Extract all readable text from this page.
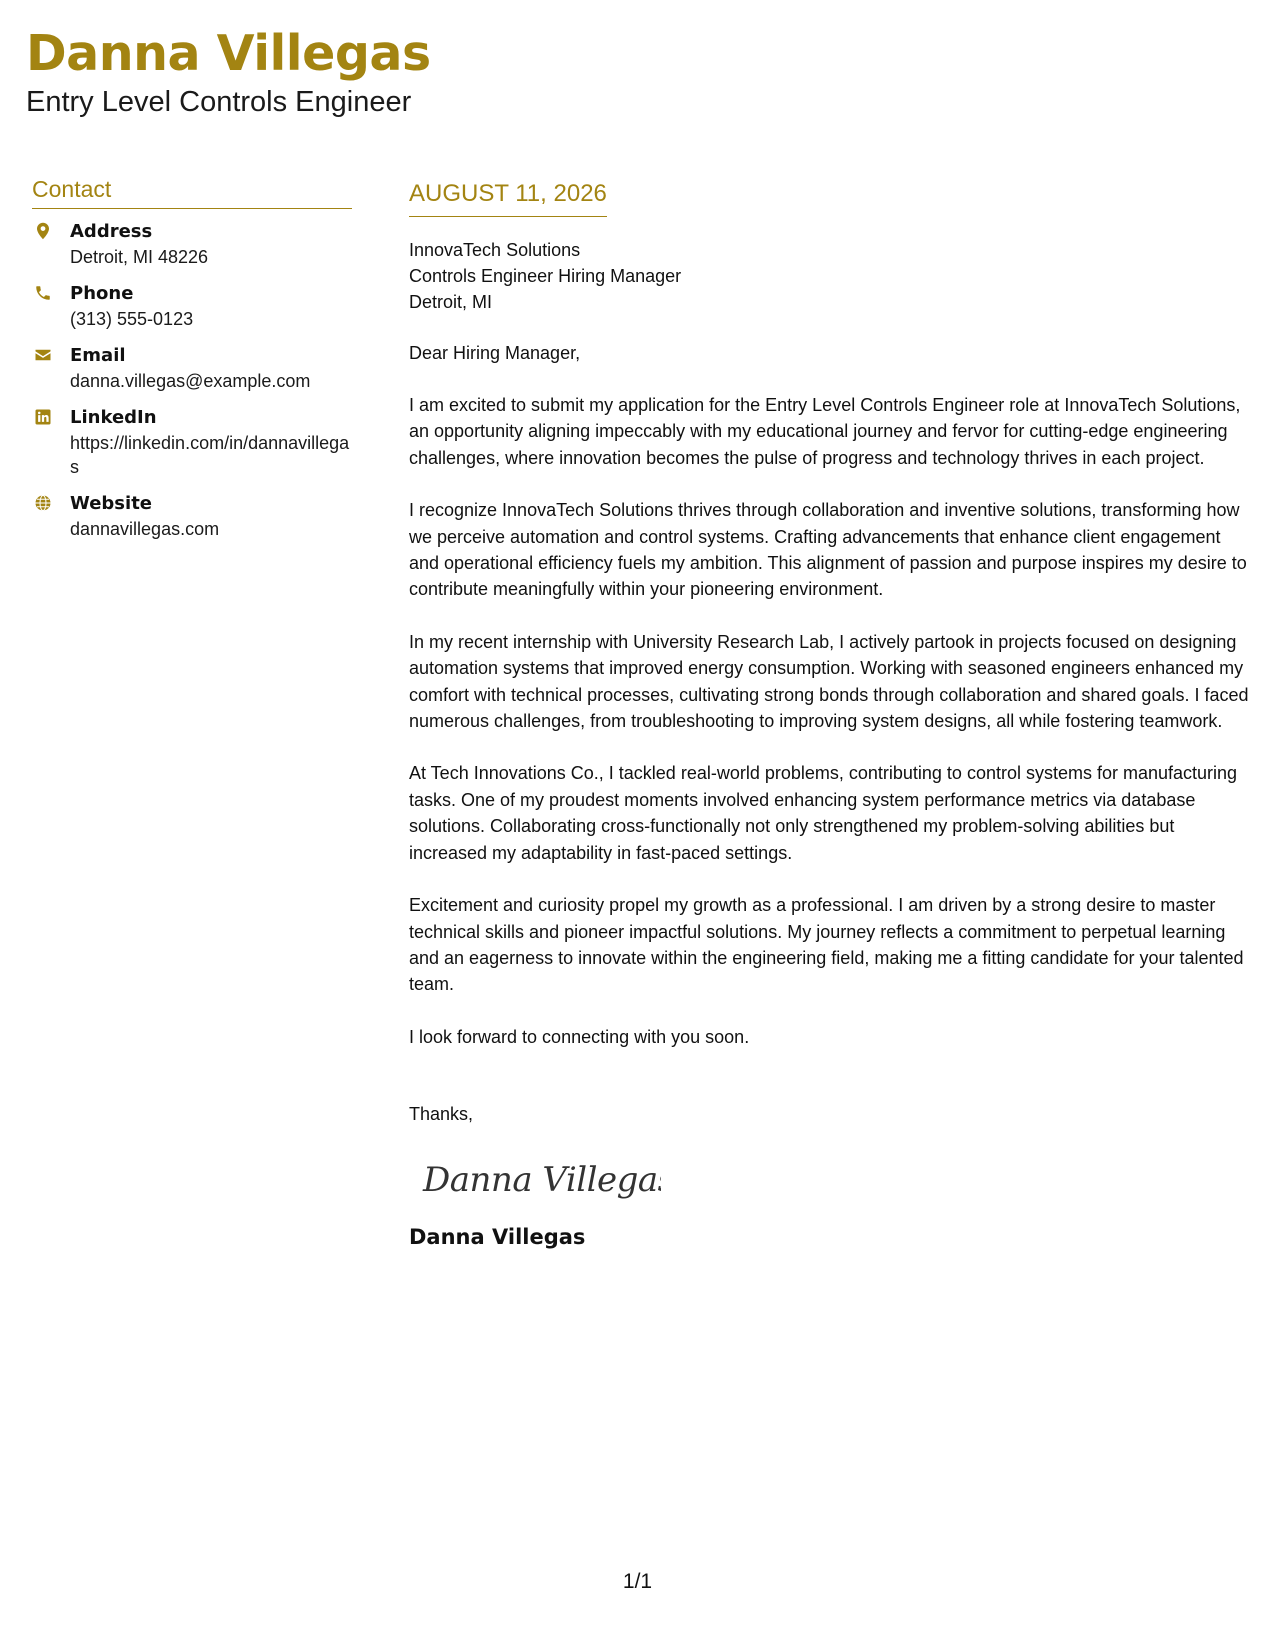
Danna Villegas
Entry Level Controls Engineer
Contact
Address
Detroit, MI 48226
Phone
(313) 555-0123
Email
danna.villegas@example.com
LinkedIn
https://linkedin.com/in/dannavillegas
Website
dannavillegas.com
AUGUST 11, 2026
InnovaTech Solutions
Controls Engineer Hiring Manager
Detroit, MI
Dear Hiring Manager,

I am excited to submit my application for the Entry Level Controls Engineer role at InnovaTech Solutions, an opportunity aligning impeccably with my educational journey and fervor for cutting-edge engineering challenges, where innovation becomes the pulse of progress and technology thrives in each project.

I recognize InnovaTech Solutions thrives through collaboration and inventive solutions, transforming how we perceive automation and control systems. Crafting advancements that enhance client engagement and operational efficiency fuels my ambition. This alignment of passion and purpose inspires my desire to contribute meaningfully within your pioneering environment.

In my recent internship with University Research Lab, I actively partook in projects focused on designing automation systems that improved energy consumption. Working with seasoned engineers enhanced my comfort with technical processes, cultivating strong bonds through collaboration and shared goals. I faced numerous challenges, from troubleshooting to improving system designs, all while fostering teamwork.

At Tech Innovations Co., I tackled real-world problems, contributing to control systems for manufacturing tasks. One of my proudest moments involved enhancing system performance metrics via database solutions. Collaborating cross-functionally not only strengthened my problem-solving abilities but increased my adaptability in fast-paced settings.

Excitement and curiosity propel my growth as a professional. I am driven by a strong desire to master technical skills and pioneer impactful solutions. My journey reflects a commitment to perpetual learning and an eagerness to innovate within the engineering field, making me a fitting candidate for your talented team.

I look forward to connecting with you soon.

Thanks,
Danna Villegas
Danna Villegas
1/1
